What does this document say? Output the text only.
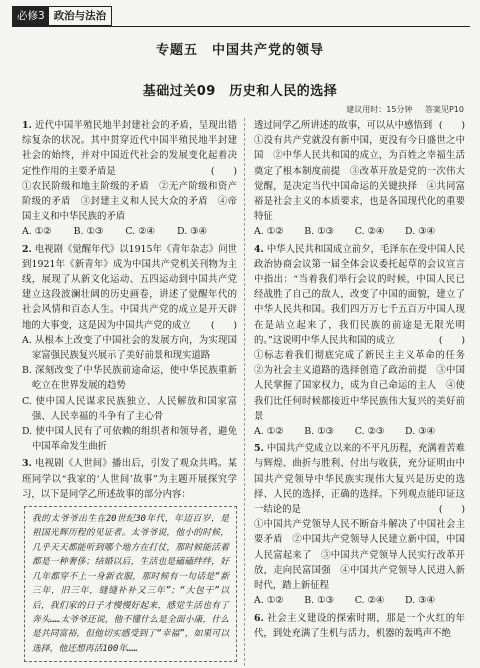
必修3 政治与法治
专题五　中国共产党的领导
基础过关09　历史和人民的选择
建议用时：15分钟 答案见P10
1. 近代中国半殖民地半封建社会的矛盾，呈现出错综复杂的状况。其中贯穿近代中国半殖民地半封建社会的始终，并对中国近代社会的发展变化起着决定性作用的主要矛盾是	(　　)
①农民阶级和地主阶级的矛盾　②无产阶级和资产阶级的矛盾　③封建主义和人民大众的矛盾　④帝国主义和中华民族的矛盾
A. ①② B. ①③ C. ②④ D. ③④
2. 电视剧《觉醒年代》以1915年《青年杂志》问世到1921年《新青年》成为中国共产党机关刊物为主线，展现了从新文化运动、五四运动到中国共产党建立这段波澜壮阔的历史画卷，讲述了觉醒年代的社会风情和百态人生。中国共产党的成立是开天辟地的大事变，这是因为中国共产党的成立 (　　)
A. 从根本上改变了中国社会的发展方向，为实现国家富强民族复兴展示了美好前景和现实道路
B. 深刻改变了中华民族前途命运，使中华民族重新屹立在世界发展的趋势
C. 使中国人民谋求民族独立、人民解放和国家富强、人民幸福的斗争有了主心骨
D. 使中国人民有了可依赖的组织者和领导者，避免中国革命发生曲折
3. 电视剧《人世间》播出后，引发了观众共鸣。某班同学以“我家的‘人世间’故事”为主题开展探究学习，以下是同学乙所述故事的部分内容：
我的太爷爷出生在20世纪30年代，年迈百岁，是祖国光辉历程的见证者。太爷爷说，他小的时候，几乎天天都能听到哪个地方在打仗，那时候能活着都是一种奢侈；结婚以后，生活也是磕磕绊绊，好几年都穿不上一身新衣服，那时候有一句话是“新三年，旧三年，缝缝补补又三年”；“大包干”以后，我们家的日子才慢慢好起来，感觉生活也有了奔头……太爷爷还说，他不懂什么是全面小康，什么是共同富裕，但他切实感受到了“幸福”，如果可以选择，他还想再活100年……
透过同学乙所讲述的故事，可以从中感悟到 (　　)
①没有共产党就没有新中国，更没有今日盛世之中国　②中华人民共和国的成立，为百姓之幸福生活奠定了根本制度前提　③改革开放是党的一次伟大觉醒，是决定当代中国命运的关键抉择　④共同富裕是社会主义的本质要求，也是各国现代化的重要特征
A. ①② B. ①③ C. ②④ D. ③④
4. 中华人民共和国成立前夕，毛泽东在受中国人民政治协商会议第一届全体会议委托起草的会议宣言中指出：“当着我们举行会议的时候，中国人民已经战胜了自己的敌人，改变了中国的面貌，建立了中华人民共和国。我们四万万七千五百万中国人现在是站立起来了，我们民族的前途是无限光明的。”这说明中华人民共和国的成立	(　　)
①标志着我们彻底完成了新民主主义革命的任务　②为社会主义道路的选择创造了政治前提　③中国人民掌握了国家权力，成为自己命运的主人　④使我们比任何时候都接近中华民族伟大复兴的美好前景
A. ①② B. ①③ C. ②③ D. ③④
5. 中国共产党成立以来的不平凡历程，充满着苦难与辉煌、曲折与胜利、付出与收获，充分证明由中国共产党领导中华民族实现伟大复兴是历史的选择、人民的选择，正确的选择。下列观点能印证这一结论的是	(　　)
①中国共产党领导人民不断奋斗解决了中国社会主要矛盾　②中国共产党领导人民建立新中国，中国人民富起来了　③中国共产党领导人民实行改革开放，走向民富国强　④中国共产党领导人民进入新时代，踏上新征程
A. ①② B. ①③ C. ②④ D. ③④
6. 社会主义建设的探索时期，那是一个火红的年代，到处充满了生机与活力，机器的轰鸣声不绝
